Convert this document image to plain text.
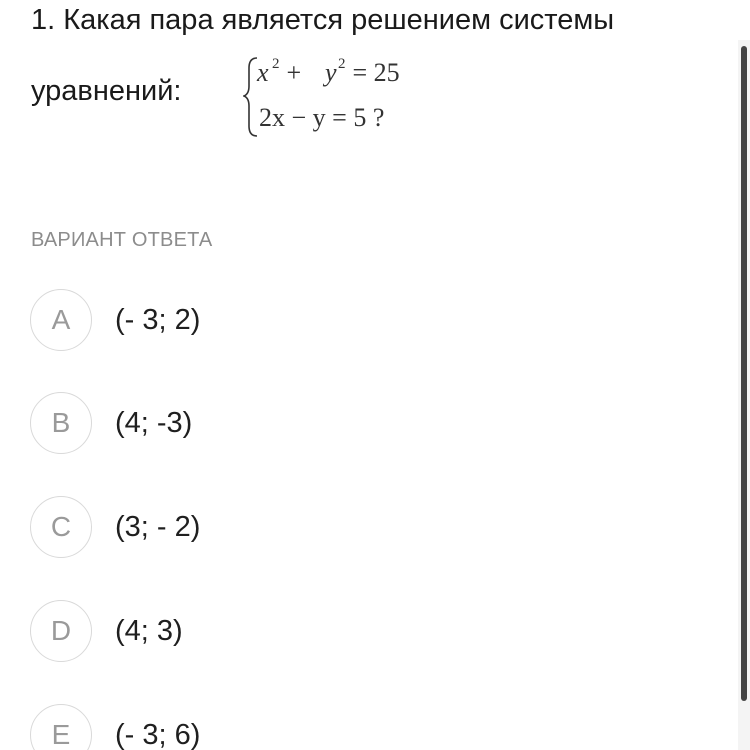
1. Какая пара является решением системы
уравнений:
x 2 + y 2 = 25
2x − y = 5 ?
ВАРИАНТ ОТВЕТА
A	(- 3; 2)
B	(4; -3)
C	(3; - 2)
D	(4; 3)
E	(- 3; 6)
